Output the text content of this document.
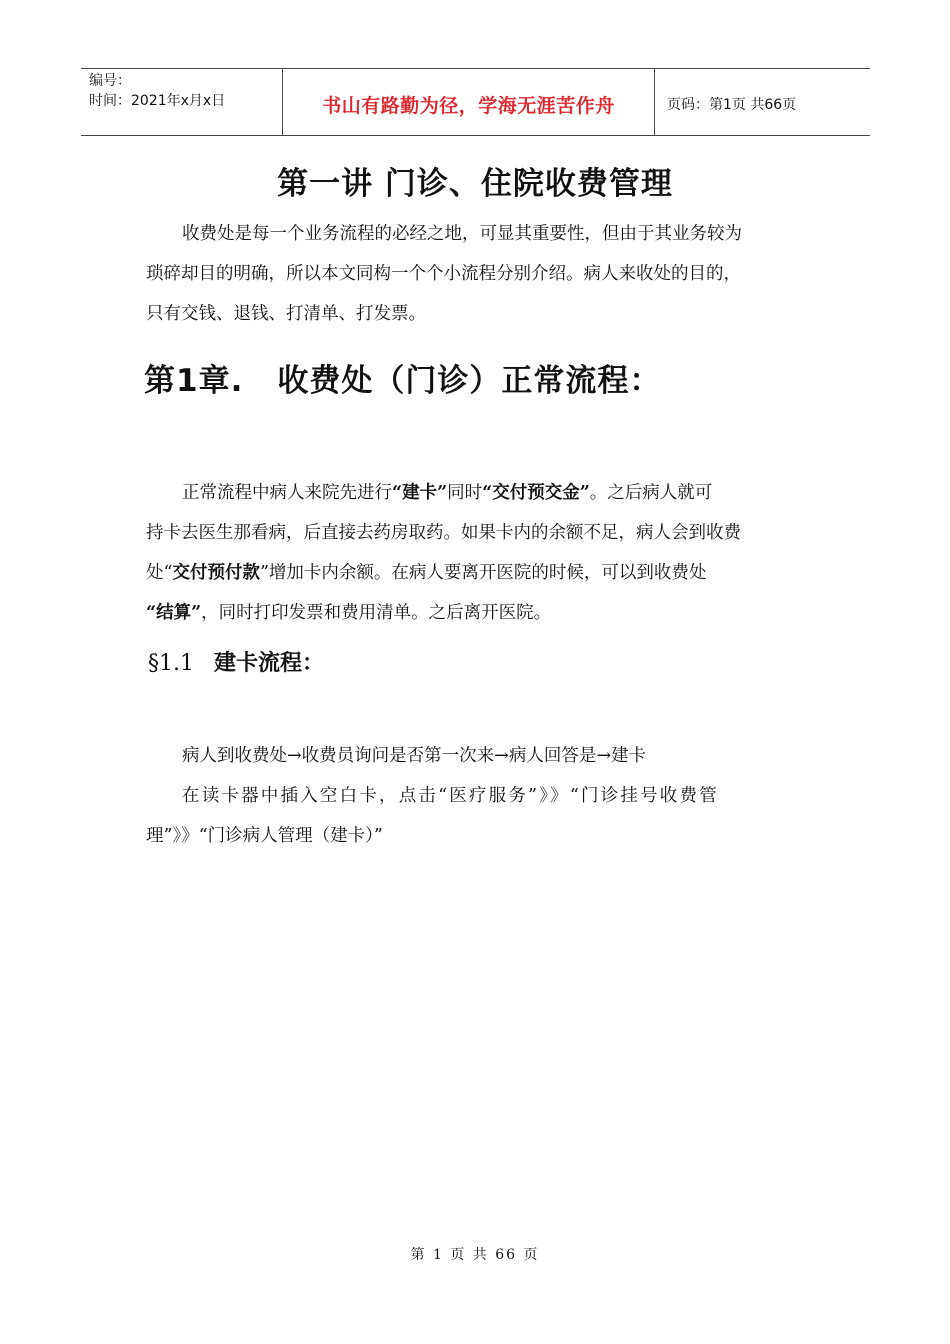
编号：
时间：2021年x月x日	书山有路勤为径，学海无涯苦作舟	页码：第1页 共66页
第一讲 门诊、住院收费管理
收费处是每一个业务流程的必经之地，可显其重要性，但由于其业务较为
琐碎却目的明确，所以本文同构一个个小流程分别介绍。病人来收处的目的，
只有交钱、退钱、打清单、打发票。
第1章. 收费处（门诊）正常流程：
正常流程中病人来院先进行“建卡”同时“交付预交金”。之后病人就可
持卡去医生那看病，后直接去药房取药。如果卡内的余额不足，病人会到收费
处“交付预付款”增加卡内余额。在病人要离开医院的时候，可以到收费处
“结算”，同时打印发票和费用清单。之后离开医院。
§1.1 建卡流程：
病人到收费处→收费员询问是否第一次来→病人回答是→建卡
在读卡器中插入空白卡，点击“医疗服务”》》“门诊挂号收费管
理”》》“门诊病人管理（建卡）”
第 1 页 共 66 页
